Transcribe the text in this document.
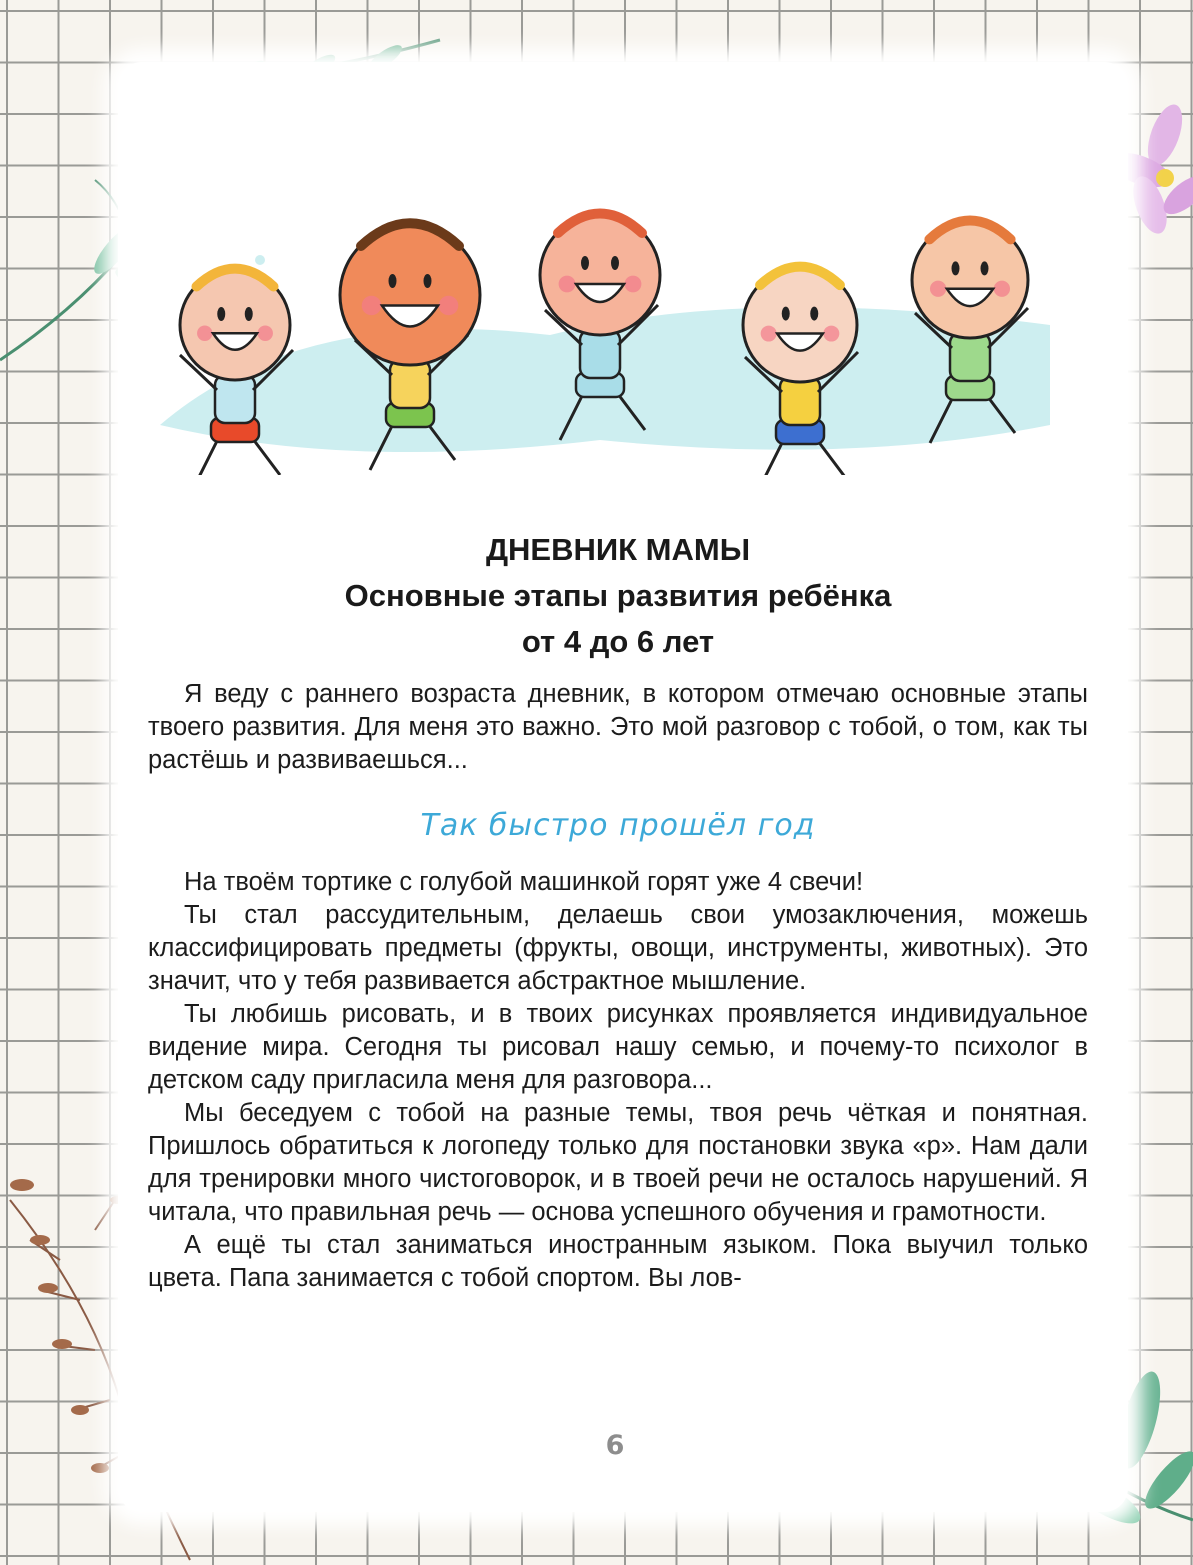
ДНЕВНИК МАМЫ
Основные этапы развития ребёнка
от 4 до 6 лет

Я веду с раннего возраста дневник, в котором отмечаю основные этапы твоего развития. Для меня это важно. Это мой разговор с тобой, о том, как ты растёшь и развиваешься...

Так быстро прошёл год

На твоём тортике с голубой машинкой горят уже 4 свечи!

Ты стал рассудительным, делаешь свои умозаключения, можешь классифицировать предметы (фрукты, овощи, инструменты, животных). Это значит, что у тебя развивается абстрактное мышление.

Ты любишь рисовать, и в твоих рисунках проявляется индивидуальное видение мира. Сегодня ты рисовал нашу семью, и почему-то психолог в детском саду пригласила меня для разговора...

Мы беседуем с тобой на разные темы, твоя речь чёткая и понятная. Пришлось обратиться к логопеду только для постановки звука «р». Нам дали для тренировки много чистоговорок, и в твоей речи не осталось нарушений. Я читала, что правильная речь — основа успешного обучения и грамотности.

А ещё ты стал заниматься иностранным языком. Пока выучил только цвета. Папа занимается с тобой спортом. Вы лов-

6
